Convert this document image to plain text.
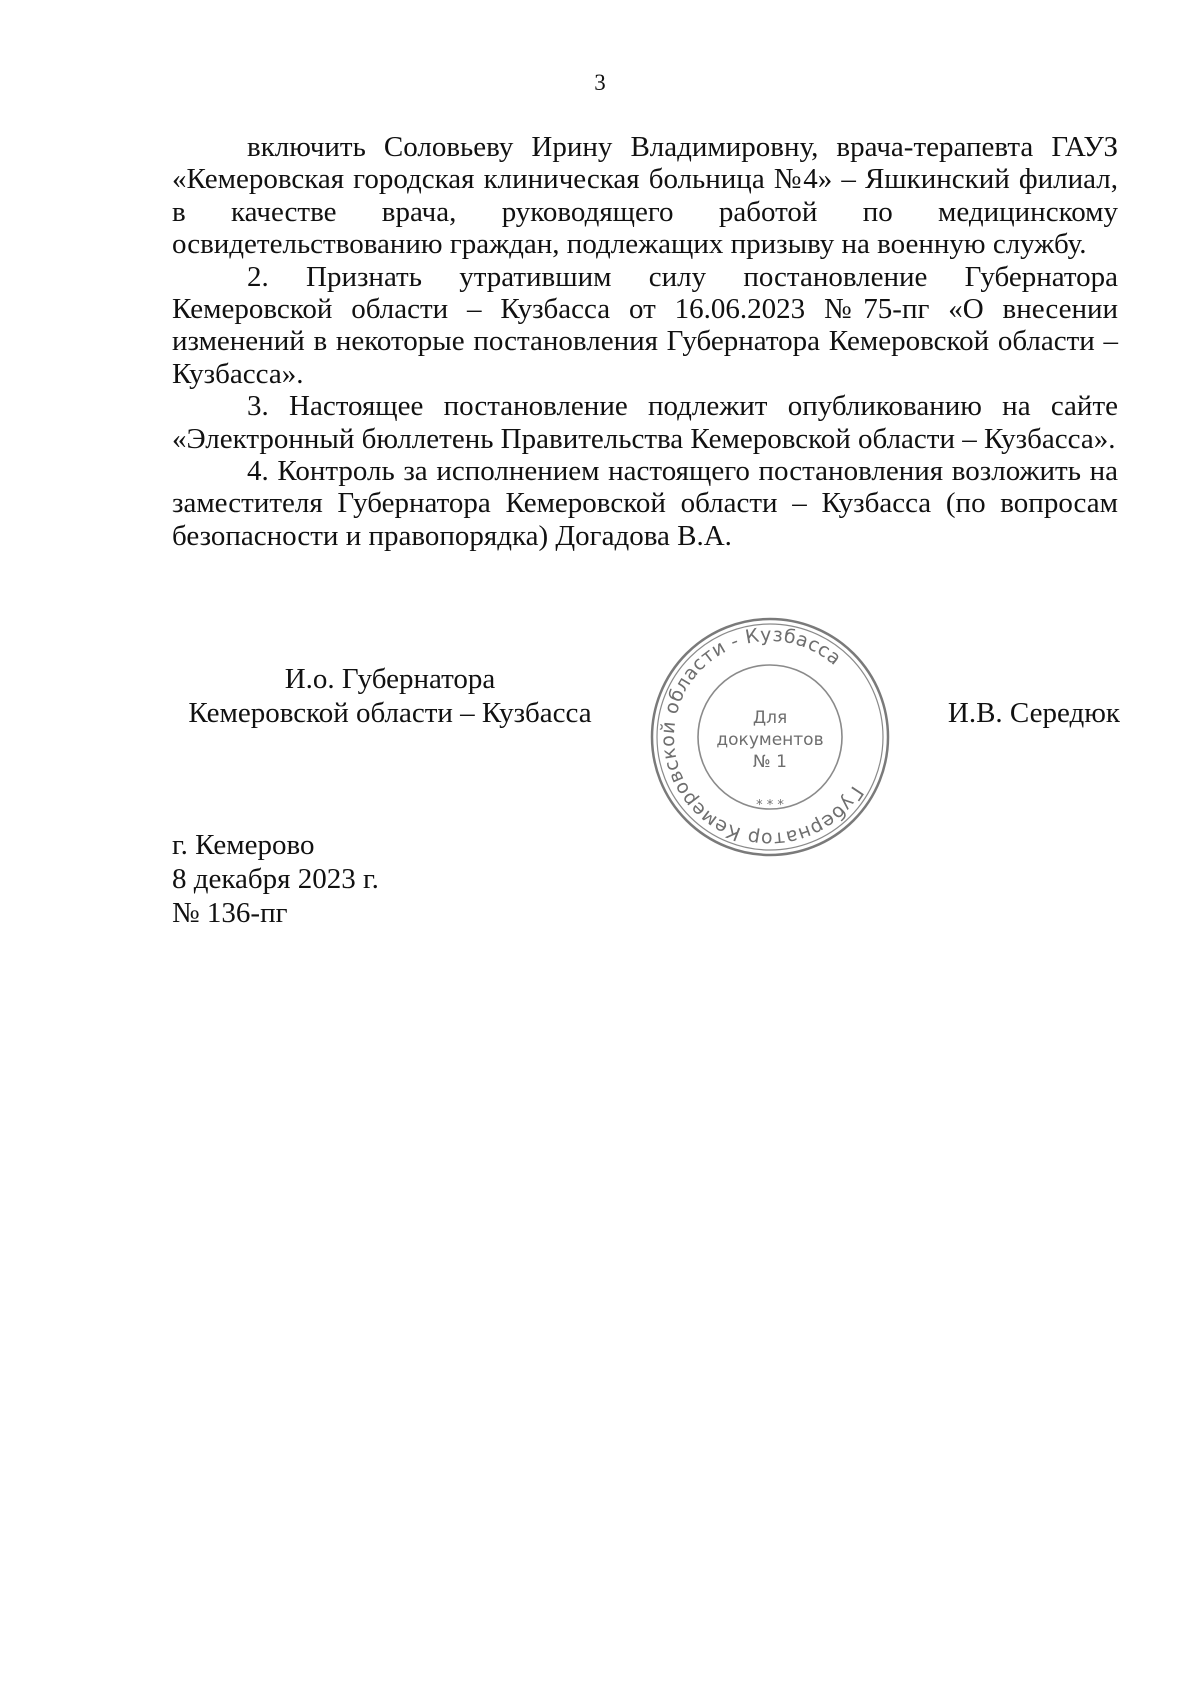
3

включить Соловьеву Ирину Владимировну, врача-терапевта ГАУЗ «Кемеровская городская клиническая больница №4» – Яшкинский филиал, в качестве врача, руководящего работой по медицинскому освидетельствованию граждан, подлежащих призыву на военную службу.

2. Признать утратившим силу постановление Губернатора Кемеровской области – Кузбасса от 16.06.2023 №75-пг «О внесении изменений в некоторые постановления Губернатора Кемеровской области – Кузбасса».

3. Настоящее постановление подлежит опубликованию на сайте «Электронный бюллетень Правительства Кемеровской области – Кузбасса».

4. Контроль за исполнением настоящего постановления возложить на заместителя Губернатора Кемеровской области – Кузбасса (по вопросам безопасности и правопорядка) Догадова В.А.

И.о. Губернатора
Кемеровской области – Кузбасса
Губернатор Кемеровской области - Кузбасса
* * *
Для
документов
№ 1
И.В. Середюк
г. Кемерово
8 декабря 2023 г.
№ 136-пг
